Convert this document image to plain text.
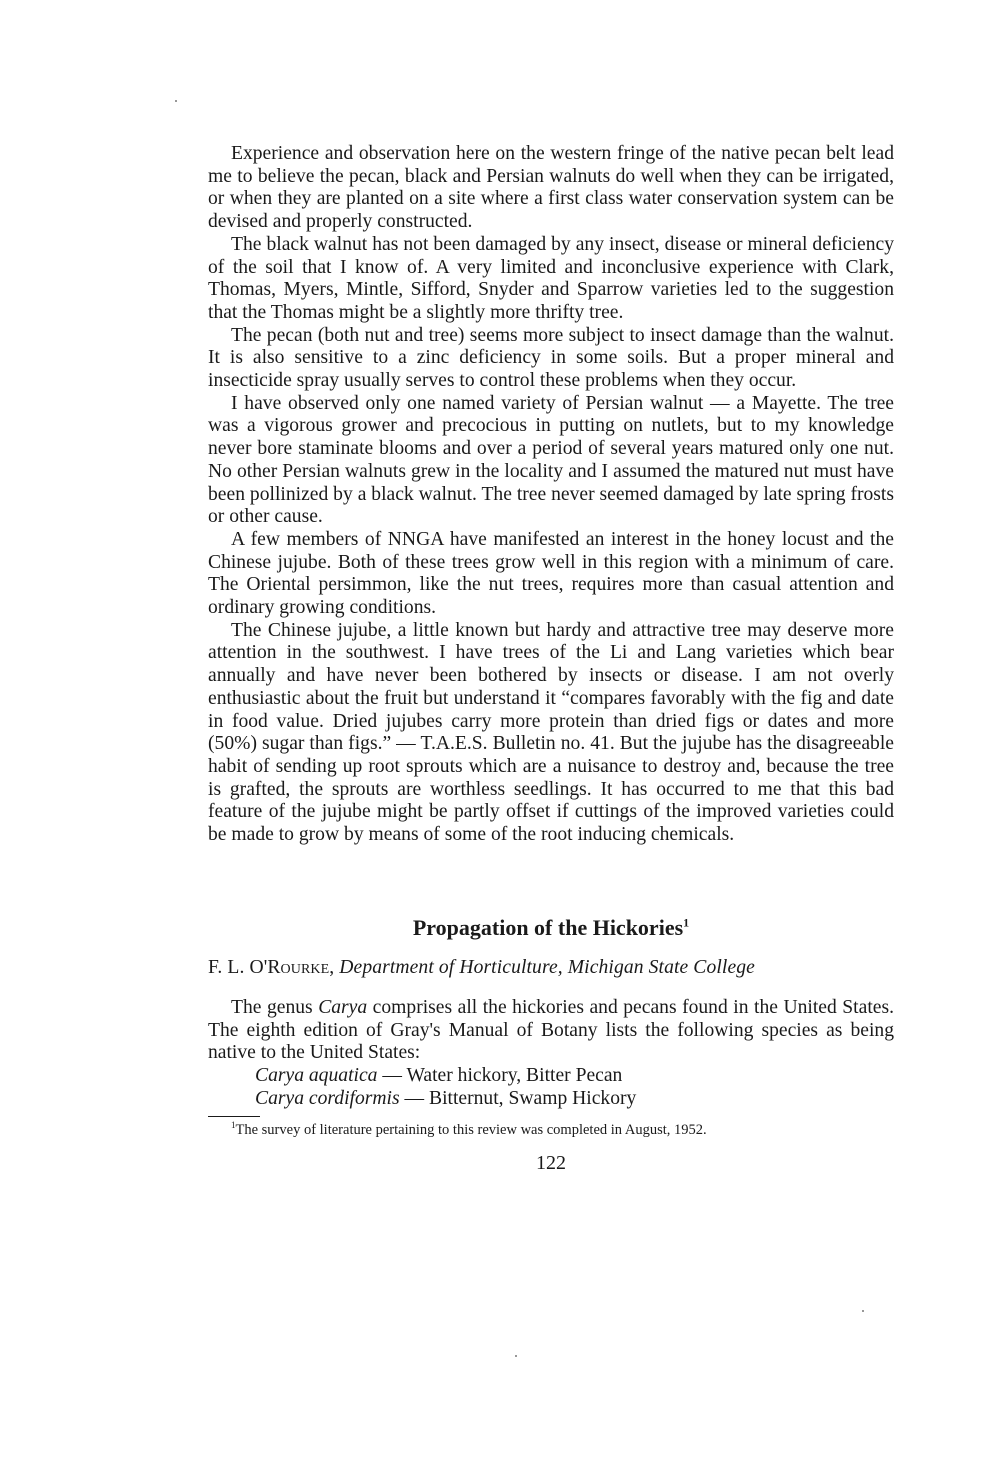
Experience and observation here on the western fringe of the native pecan belt lead me to believe the pecan, black and Persian walnuts do well when they can be irrigated, or when they are planted on a site where a first class water conservation system can be devised and properly constructed.

The black walnut has not been damaged by any insect, disease or mineral deficiency of the soil that I know of. A very limited and inconclusive experience with Clark, Thomas, Myers, Mintle, Sifford, Snyder and Sparrow varieties led to the suggestion that the Thomas might be a slightly more thrifty tree.

The pecan (both nut and tree) seems more subject to insect damage than the walnut. It is also sensitive to a zinc deficiency in some soils. But a proper mineral and insecticide spray usually serves to control these problems when they occur.

I have observed only one named variety of Persian walnut — a Mayette. The tree was a vigorous grower and precocious in putting on nutlets, but to my knowledge never bore staminate blooms and over a period of several years matured only one nut. No other Persian walnuts grew in the locality and I assumed the matured nut must have been pollinized by a black walnut. The tree never seemed damaged by late spring frosts or other cause.

A few members of NNGA have manifested an interest in the honey locust and the Chinese jujube. Both of these trees grow well in this region with a minimum of care. The Oriental persimmon, like the nut trees, requires more than casual attention and ordinary growing conditions.

The Chinese jujube, a little known but hardy and attractive tree may deserve more attention in the southwest. I have trees of the Li and Lang varieties which bear annually and have never been bothered by insects or disease. I am not overly enthusiastic about the fruit but understand it “compares favorably with the fig and date in food value. Dried jujubes carry more protein than dried figs or dates and more (50%) sugar than figs.” — T.A.E.S. Bulletin no. 41. But the jujube has the disagreeable habit of sending up root sprouts which are a nuisance to destroy and, because the tree is grafted, the sprouts are worthless seedlings. It has occurred to me that this bad feature of the jujube might be partly offset if cuttings of the improved varieties could be made to grow by means of some of the root inducing chemicals.

Propagation of the Hickories$^1$

F. L. O'Rourke, Department of Horticulture, Michigan State College

The genus Carya comprises all the hickories and pecans found in the United States. The eighth edition of Gray's Manual of Botany lists the following species as being native to the United States:

Carya aquatica — Water hickory, Bitter Pecan

Carya cordiformis — Bitternut, Swamp Hickory

$^1$The survey of literature pertaining to this review was completed in August, 1952.

122
